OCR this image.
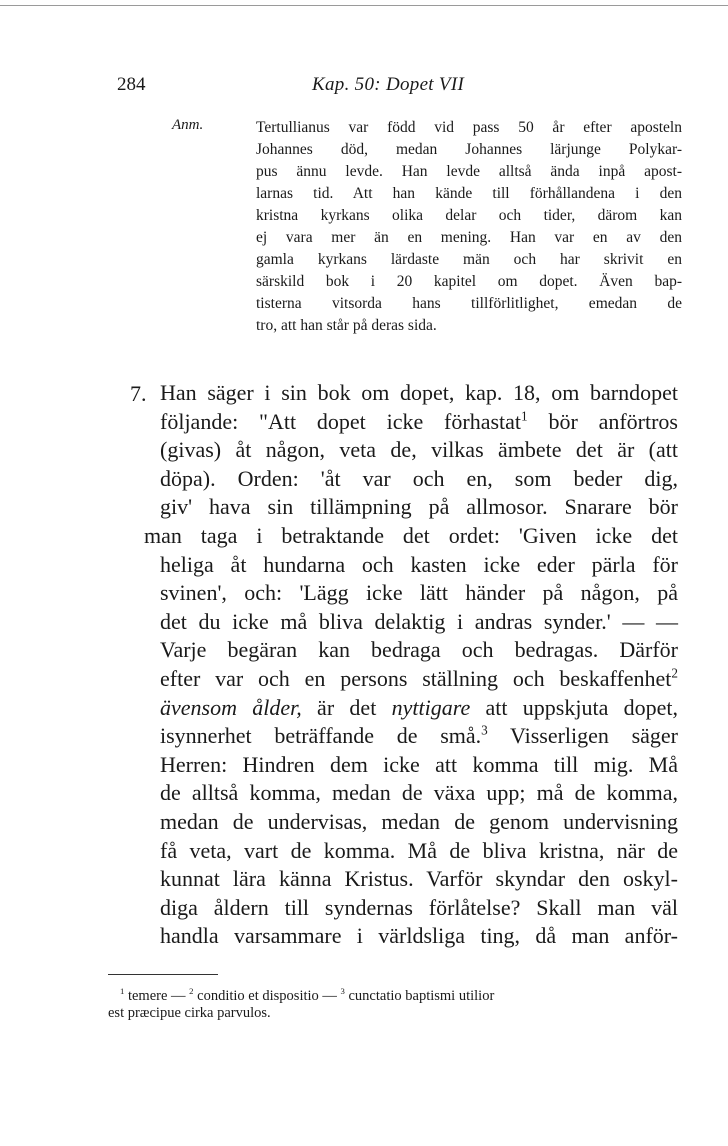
284	Kap. 50: Dopet VII
Anm.	Tertullianus var född vid pass 50 år efter aposteln
Johannes död, medan Johannes lärjunge Polykar-
pus ännu levde. Han levde alltså ända inpå apost-
larnas tid. Att han kände till förhållandena i den
kristna kyrkans olika delar och tider, därom kan
ej vara mer än en mening. Han var en av den
gamla kyrkans lärdaste män och har skrivit en
särskild bok i 20 kapitel om dopet. Även bap-
tisterna vitsorda hans tillförlitlighet, emedan de
tro, att han står på deras sida.
7. Han säger i sin bok om dopet, kap. 18, om barndopet
följande: "Att dopet icke förhastat$^1$ bör anförtros
(givas) åt någon, veta de, vilkas ämbete det är (att
döpa). Orden: 'åt var och en, som beder dig,
giv' hava sin tillämpning på allmosor. Snarare bör
man taga i betraktande det ordet: 'Given icke det
heliga åt hundarna och kasten icke eder pärla för
svinen', och: 'Lägg icke lätt händer på någon, på
det du icke må bliva delaktig i andras synder.' — —
Varje begäran kan bedraga och bedragas. Därför
efter var och en persons ställning och beskaffenhet$^2$
ävensom ålder, är det nyttigare att uppskjuta dopet,
isynnerhet beträffande de små.$^3$ Visserligen säger
Herren: Hindren dem icke att komma till mig. Må
de alltså komma, medan de växa upp; må de komma,
medan de undervisas, medan de genom undervisning
få veta, vart de komma. Må de bliva kristna, när de
kunnat lära känna Kristus. Varför skyndar den oskyl-
diga åldern till syndernas förlåtelse? Skall man väl
handla varsammare i världsliga ting, då man anför-
$^1$ temere — $^2$ conditio et dispositio — $^3$ cunctatio baptismi utilior
est præcipue cirka parvulos.
